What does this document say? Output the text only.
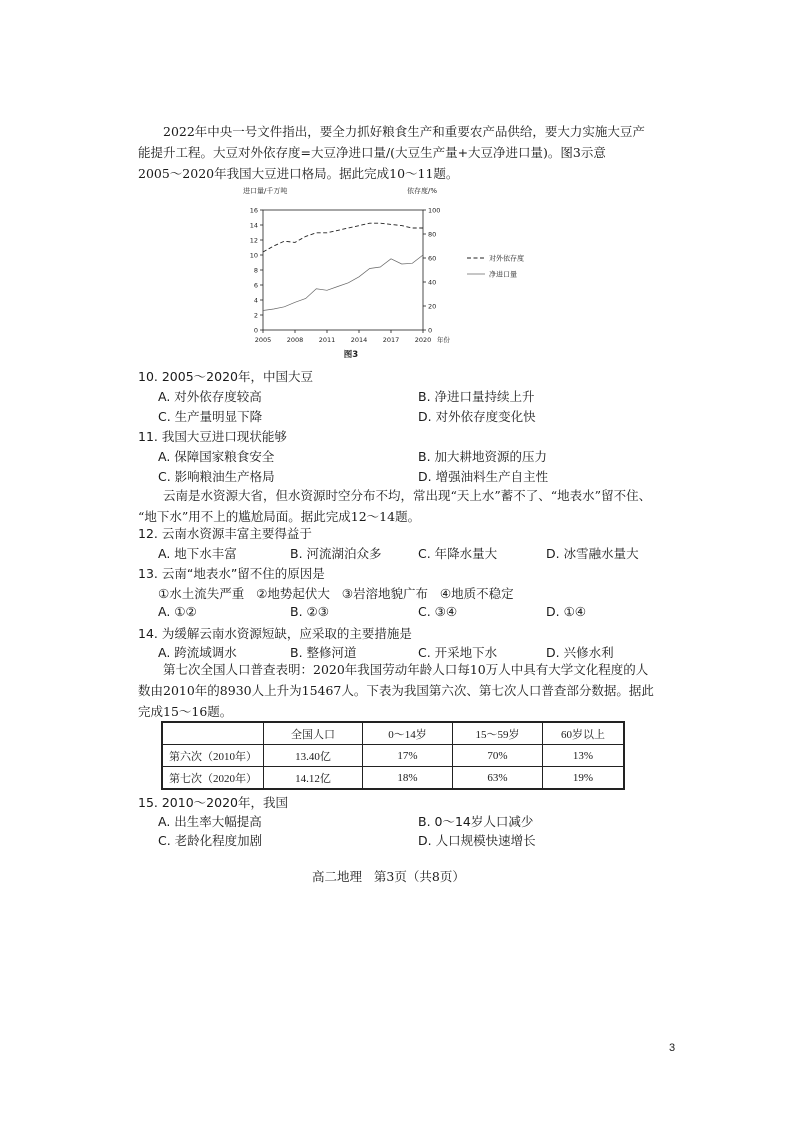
2022年中央一号文件指出，要全力抓好粮食生产和重要农产品供给，要大力实施大豆产
能提升工程。大豆对外依存度=大豆净进口量/(大豆生产量+大豆净进口量)。图3示意
2005～2020年我国大豆进口格局。据此完成10～11题。
0
2
4
6
8
10
12
14
16
0
20
40
60
80
100
2005 2008 2011 2014 2017 2020 年份
进口量/千万吨	依存度/%
图3
对外依存度
净进口量
10. 2005～2020年，中国大豆
A. 对外依存度较高	B. 净进口量持续上升
C. 生产量明显下降	D. 对外依存度变化快
11. 我国大豆进口现状能够
A. 保障国家粮食安全	B. 加大耕地资源的压力
C. 影响粮油生产格局	D. 增强油料生产自主性
云南是水资源大省，但水资源时空分布不均，常出现“天上水”蓄不了、“地表水”留不住、
“地下水”用不上的尴尬局面。据此完成12～14题。
12. 云南水资源丰富主要得益于
A. 地下水丰富	B. 河流湖泊众多	C. 年降水量大	D. 冰雪融水量大
13. 云南“地表水”留不住的原因是
①水土流失严重   ②地势起伏大   ③岩溶地貌广布   ④地质不稳定
A. ①②	B. ②③	C. ③④	D. ①④
14. 为缓解云南水资源短缺，应采取的主要措施是
A. 跨流域调水	B. 整修河道	C. 开采地下水	D. 兴修水利
第七次全国人口普查表明：2020年我国劳动年龄人口每10万人中具有大学文化程度的人
数由2010年的8930人上升为15467人。下表为我国第六次、第七次人口普查部分数据。据此
完成15～16题。
	全国人口	0～14岁	15～59岁	60岁以上
第六次（2010年）	13.40亿	17%	70%	13%
第七次（2020年）	14.12亿	18%	63%	19%
15. 2010～2020年，我国
A. 出生率大幅提高	B. 0～14岁人口减少
C. 老龄化程度加剧	D. 人口规模快速增长
高二地理   第3页（共8页）
3
